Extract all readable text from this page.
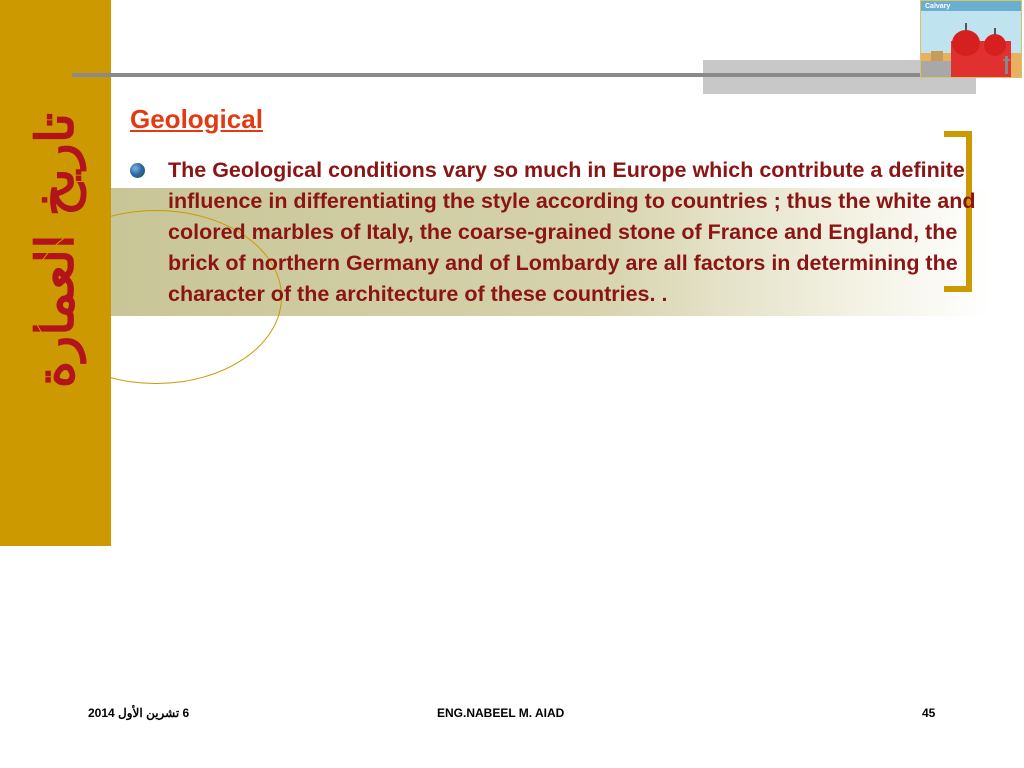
تاريخ العمارة
Calvary
Geological
The Geological conditions vary so much in Europe which contribute a definite influence in differentiating the style according to countries ; thus the white and colored marbles of Italy, the coarse-grained stone of France and England, the brick of northern Germany and of Lombardy are all factors in determining the character of the architecture of these countries. .
6 تشرين الأول 2014	ENG.NABEEL M. AIAD	45
